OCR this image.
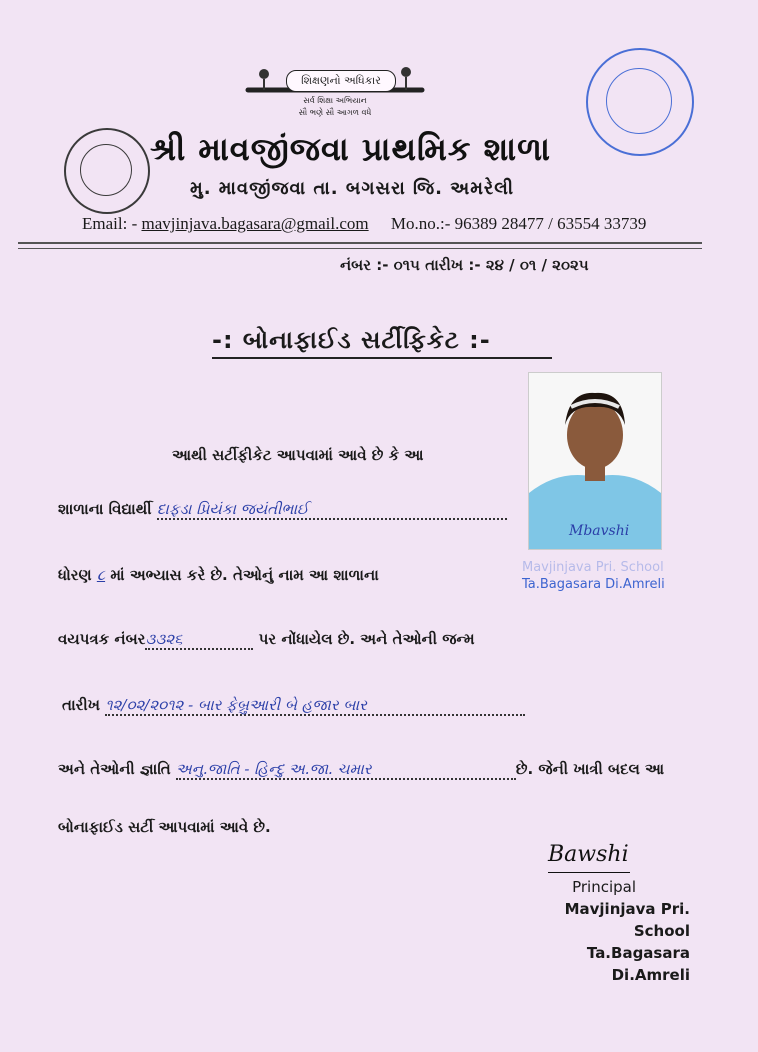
શિક્ષણનો અધિકાર
સર્વ શિક્ષા અભિયાન
સૌ ભણે સૌ આગળ વધે
શ્રી માવજીંજવા પ્રાથમિક શાળા
મુ. માવજીંજવા તા. બગસરા જિ. અમરેલી
Email: - mavjinjava.bagasara@gmail.com Mo.no.:- 96389 28477 / 63554 33739
નંબર :- ૦૧૫ તારીખ :- ૨૪ / ૦૧ / ૨૦૨૫
-: બોનાફાઈડ સર્ટીફિકેટ :-
Mbavshi
Mavjinjava Pri. School
Ta.Bagasara Di.Amreli
આથી સર્ટીફીકેટ આપવામાં આવે છે કે આ
શાળાના વિદ્યાર્થી દાફડા પ્રિયંકા જયંતીભાઈ
ધોરણ ૮ માં અભ્યાસ કરે છે. તેઓનું નામ આ શાળાના
વયપત્રક નંબર૩૩૨૬	પર નોંધાયેલ છે. અને તેઓની જન્મ
તારીખ ૧૨/૦૨/૨૦૧૨ - બાર ફેબ્રુઆરી બે હજાર બાર
અને તેઓની જ્ઞાતિ અનુ.જાતિ - હિન્દુ અ.જા. ચમાર	છે. જેની ખાત્રી બદલ આ
બોનાફાઈડ સર્ટી આપવામાં આવે છે.
Bawshi
Principal
Mavjinjava Pri. School
Ta.Bagasara Di.Amreli
